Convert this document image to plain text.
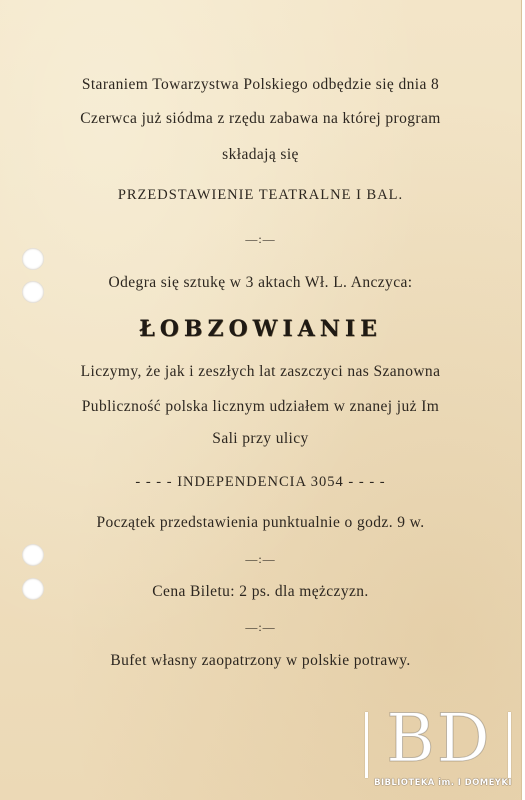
Staraniem Towarzystwa Polskiego odbędzie się dnia 8
Czerwca już siódma z rzędu zabawa na której program
składają się
PRZEDSTAWIENIE TEATRALNE I BAL.
—:—
Odegra się sztukę w 3 aktach Wł. L. Anczyca:
ŁOBZOWIANIE
Liczymy, że jak i zeszłych lat zaszczyci nas Szanowna
Publiczność polska licznym udziałem w znanej już Im
Sali przy ulicy
- - - - INDEPENDENCIA 3054 - - - -
Początek przedstawienia punktualnie o godz. 9 w.
—:—
Cena Biletu: 2 ps. dla mężczyzn.
—:—
Bufet własny zaopatrzony w polskie potrawy.
BD
BIBLIOTEKA im. I DOMEYKI
